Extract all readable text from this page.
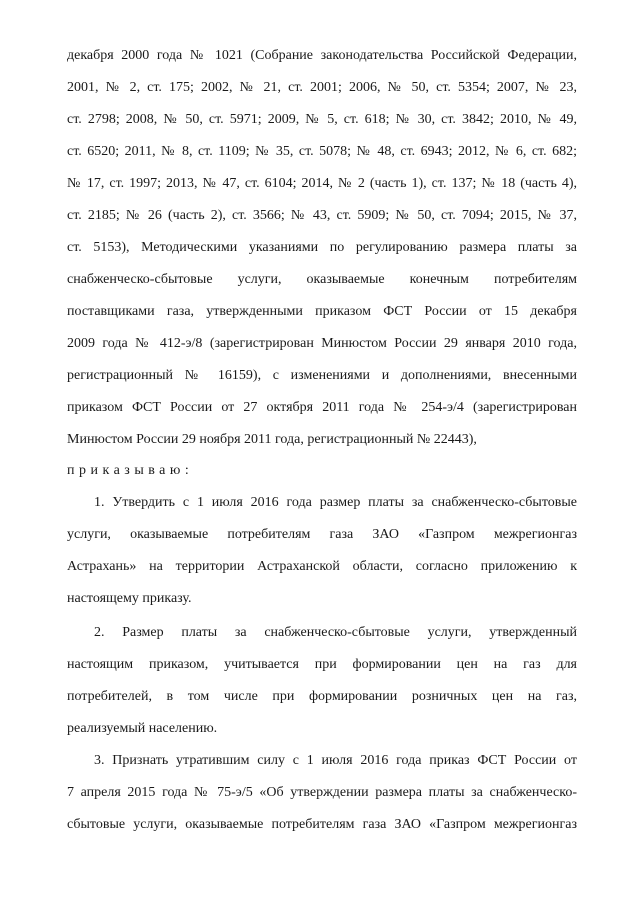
декабря 2000 года № 1021 (Собрание законодательства Российской Федерации,
2001, № 2, ст. 175; 2002, № 21, ст. 2001; 2006, № 50, ст. 5354; 2007, № 23,
ст. 2798; 2008, № 50, ст. 5971; 2009, № 5, ст. 618; № 30, ст. 3842; 2010, № 49,
ст. 6520; 2011, № 8, ст. 1109; № 35, ст. 5078; № 48, ст. 6943; 2012, № 6, ст. 682;
№ 17, ст. 1997; 2013, № 47, ст. 6104; 2014, № 2 (часть 1), ст. 137; № 18 (часть 4),
ст. 2185; № 26 (часть 2), ст. 3566; № 43, ст. 5909; № 50, ст. 7094; 2015, № 37,
ст. 5153), Методическими указаниями по регулированию размера платы за
снабженческо-сбытовые услуги, оказываемые конечным потребителям
поставщиками газа, утвержденными приказом ФСТ России от 15 декабря
2009 года № 412-э/8 (зарегистрирован Минюстом России 29 января 2010 года,
регистрационный № 16159), с изменениями и дополнениями, внесенными
приказом ФСТ России от 27 октября 2011 года № 254-э/4 (зарегистрирован
Минюстом России 29 ноября 2011 года, регистрационный № 22443),
приказываю:
1. Утвердить с 1 июля 2016 года размер платы за снабженческо-сбытовые
услуги, оказываемые потребителям газа ЗАО «Газпром межрегионгаз
Астрахань» на территории Астраханской области, согласно приложению к
настоящему приказу.
2. Размер платы за снабженческо-сбытовые услуги, утвержденный
настоящим приказом, учитывается при формировании цен на газ для
потребителей, в том числе при формировании розничных цен на газ,
реализуемый населению.
3. Признать утратившим силу с 1 июля 2016 года приказ ФСТ России от
7 апреля 2015 года № 75-э/5 «Об утверждении размера платы за снабженческо-
сбытовые услуги, оказываемые потребителям газа ЗАО «Газпром межрегионгаз
